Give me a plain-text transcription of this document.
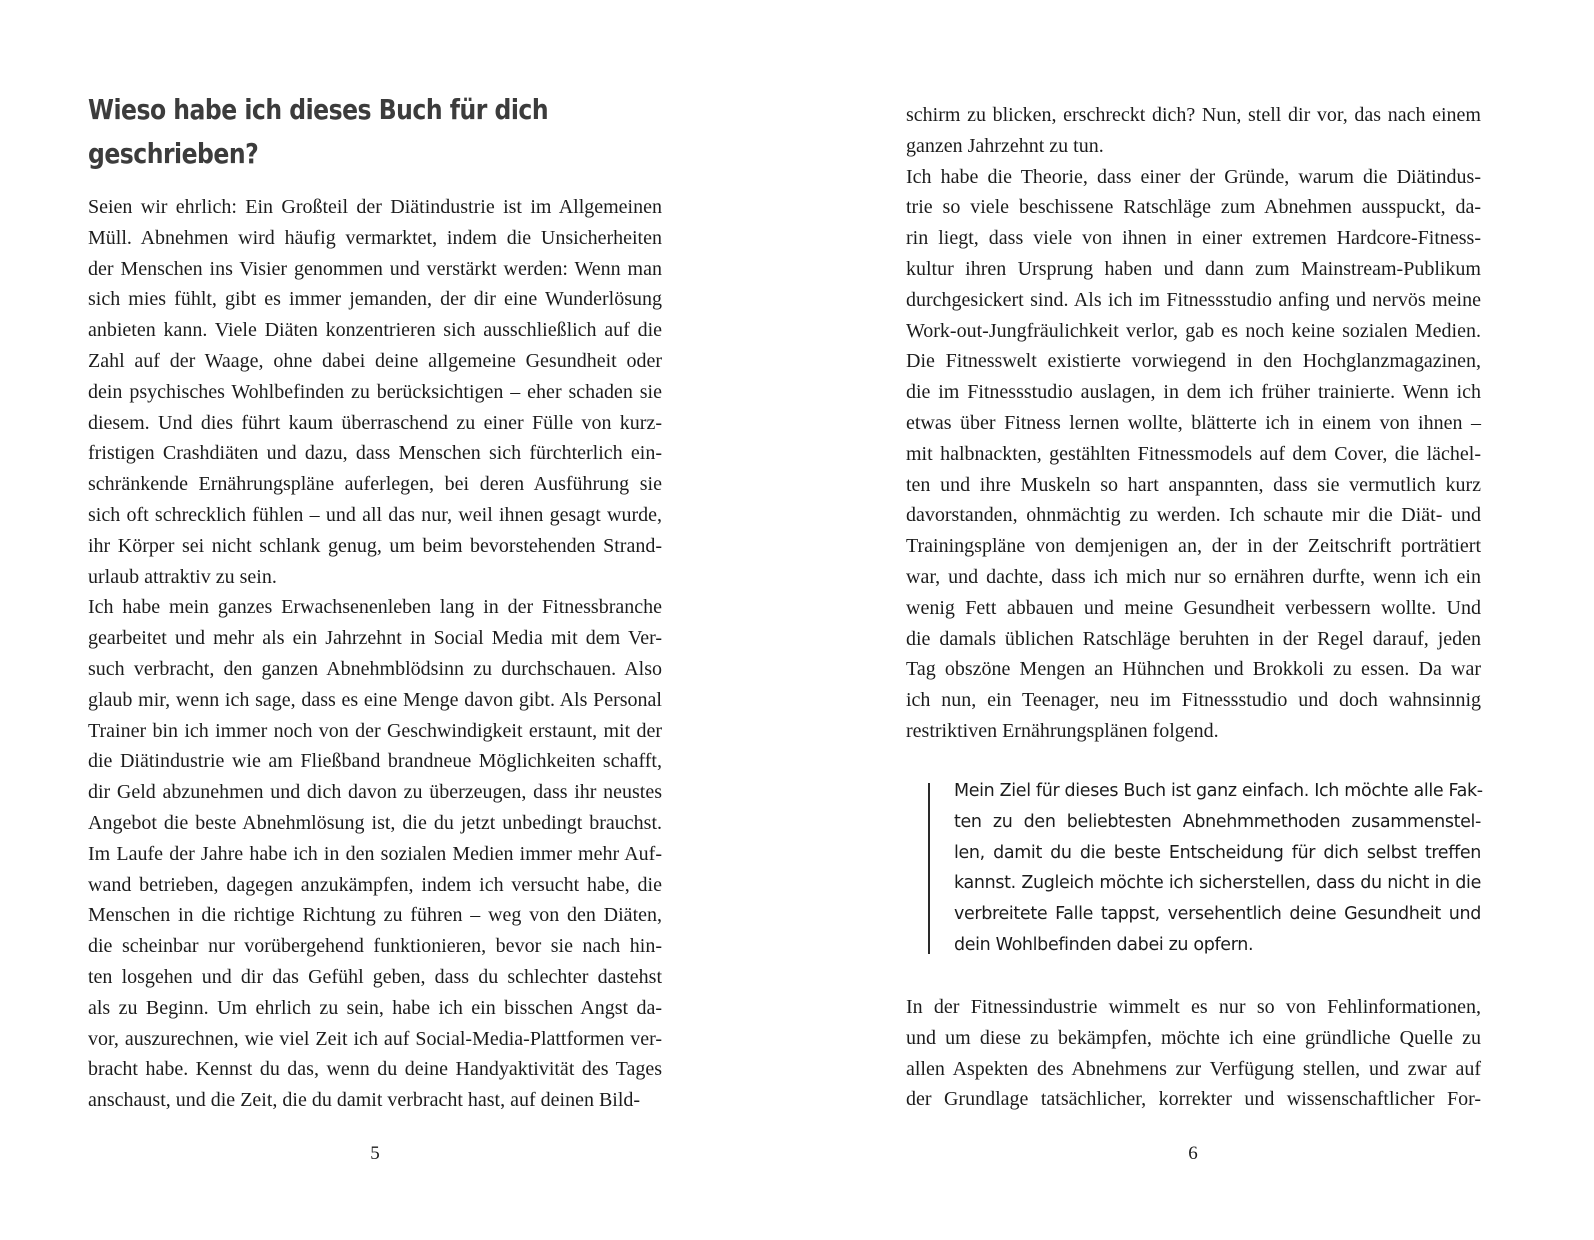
Wieso habe ich dieses Buch für dich
geschrieben?
Seien wir ehrlich: Ein Großteil der Diätindustrie ist im Allgemeinen
Müll. Abnehmen wird häufig vermarktet, indem die Unsicherheiten
der Menschen ins Visier genommen und verstärkt werden: Wenn man
sich mies fühlt, gibt es immer jemanden, der dir eine Wunderlösung
anbieten kann. Viele Diäten konzentrieren sich ausschließlich auf die
Zahl auf der Waage, ohne dabei deine allgemeine Gesundheit oder
dein psychisches Wohlbefinden zu berücksichtigen – eher schaden sie
diesem. Und dies führt kaum überraschend zu einer Fülle von kurz-
fristigen Crashdiäten und dazu, dass Menschen sich fürchterlich ein-
schränkende Ernährungspläne auferlegen, bei deren Ausführung sie
sich oft schrecklich fühlen – und all das nur, weil ihnen gesagt wurde,
ihr Körper sei nicht schlank genug, um beim bevorstehenden Strand-
urlaub attraktiv zu sein.
Ich habe mein ganzes Erwachsenenleben lang in der Fitnessbranche
gearbeitet und mehr als ein Jahrzehnt in Social Media mit dem Ver-
such verbracht, den ganzen Abnehmblödsinn zu durchschauen. Also
glaub mir, wenn ich sage, dass es eine Menge davon gibt. Als Personal
Trainer bin ich immer noch von der Geschwindigkeit erstaunt, mit der
die Diätindustrie wie am Fließband brandneue Möglichkeiten schafft,
dir Geld abzunehmen und dich davon zu überzeugen, dass ihr neustes
Angebot die beste Abnehmlösung ist, die du jetzt unbedingt brauchst.
Im Laufe der Jahre habe ich in den sozialen Medien immer mehr Auf-
wand betrieben, dagegen anzukämpfen, indem ich versucht habe, die
Menschen in die richtige Richtung zu führen – weg von den Diäten,
die scheinbar nur vorübergehend funktionieren, bevor sie nach hin-
ten losgehen und dir das Gefühl geben, dass du schlechter dastehst
als zu Beginn. Um ehrlich zu sein, habe ich ein bisschen Angst da-
vor, auszurechnen, wie viel Zeit ich auf Social-Media-Plattformen ver-
bracht habe. Kennst du das, wenn du deine Handyaktivität des Tages
anschaust, und die Zeit, die du damit verbracht hast, auf deinen Bild-
5
schirm zu blicken, erschreckt dich? Nun, stell dir vor, das nach einem
ganzen Jahrzehnt zu tun.
Ich habe die Theorie, dass einer der Gründe, warum die Diätindus-
trie so viele beschissene Ratschläge zum Abnehmen ausspuckt, da-
rin liegt, dass viele von ihnen in einer extremen Hardcore-Fitness-
kultur ihren Ursprung haben und dann zum Mainstream-Publikum
durchgesickert sind. Als ich im Fitnessstudio anfing und nervös meine
Work-out-Jungfräulichkeit verlor, gab es noch keine sozialen Medien.
Die Fitnesswelt existierte vorwiegend in den Hochglanzmagazinen,
die im Fitnessstudio auslagen, in dem ich früher trainierte. Wenn ich
etwas über Fitness lernen wollte, blätterte ich in einem von ihnen –
mit halbnackten, gestählten Fitnessmodels auf dem Cover, die lächel-
ten und ihre Muskeln so hart anspannten, dass sie vermutlich kurz
davorstanden, ohnmächtig zu werden. Ich schaute mir die Diät- und
Trainingspläne von demjenigen an, der in der Zeitschrift porträtiert
war, und dachte, dass ich mich nur so ernähren durfte, wenn ich ein
wenig Fett abbauen und meine Gesundheit verbessern wollte. Und
die damals üblichen Ratschläge beruhten in der Regel darauf, jeden
Tag obszöne Mengen an Hühnchen und Brokkoli zu essen. Da war
ich nun, ein Teenager, neu im Fitnessstudio und doch wahnsinnig
restriktiven Ernährungsplänen folgend.
Mein Ziel für dieses Buch ist ganz einfach. Ich möchte alle Fak-
ten zu den beliebtesten Abnehmmethoden zusammenstel-
len, damit du die beste Entscheidung für dich selbst treffen
kannst. Zugleich möchte ich sicherstellen, dass du nicht in die
verbreitete Falle tappst, versehentlich deine Gesundheit und
dein Wohlbefinden dabei zu opfern.
In der Fitnessindustrie wimmelt es nur so von Fehlinformationen,
und um diese zu bekämpfen, möchte ich eine gründliche Quelle zu
allen Aspekten des Abnehmens zur Verfügung stellen, und zwar auf
der Grundlage tatsächlicher, korrekter und wissenschaftlicher For-
6
